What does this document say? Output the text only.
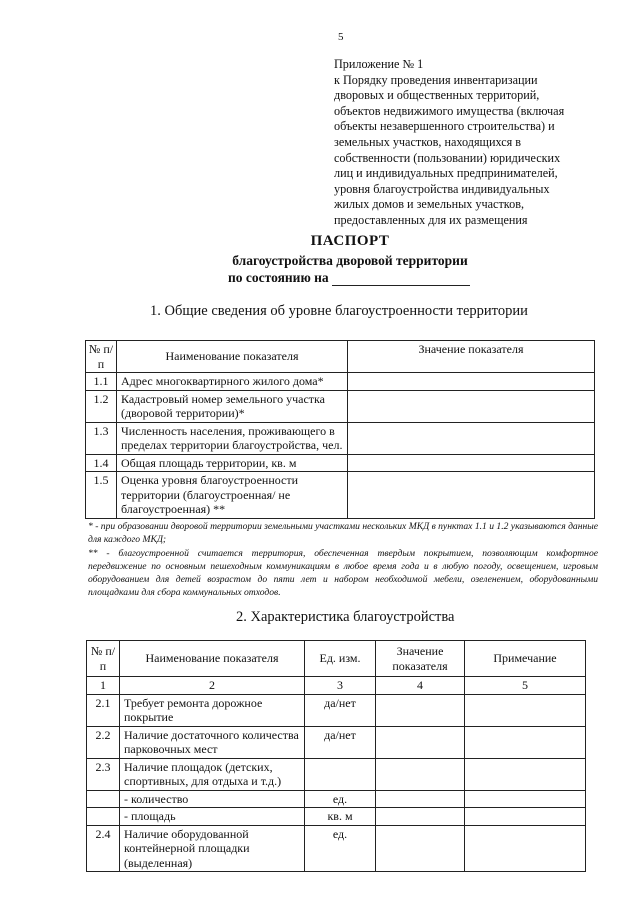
5
Приложение № 1
к Порядку проведения инвентаризации
дворовых и общественных территорий,
объектов недвижимого имущества (включая
объекты незавершенного строительства) и
земельных участков, находящихся в
собственности (пользовании) юридических
лиц и индивидуальных предпринимателей,
уровня благоустройства индивидуальных
жилых домов и земельных участков,
предоставленных для их размещения
ПАСПОРТ
благоустройства дворовой территории
по состоянию на
1. Общие сведения об уровне благоустроенности территории
№ п/п	Наименование показателя	Значение показателя
1.1	Адрес многоквартирного жилого дома*	
1.2	Кадастровый номер земельного участка (дворовой территории)*	
1.3	Численность населения, проживающего в пределах территории благоустройства, чел.	
1.4	Общая площадь территории, кв. м	
1.5	Оценка уровня благоустроенности территории (благоустроенная/ не благоустроенная) **	

* - при образовании дворовой территории земельными участками нескольких МКД в пунктах 1.1 и 1.2 указываются данные для каждого МКД;

** - благоустроенной считается территория, обеспеченная твердым покрытием, позволяющим комфортное передвижение по основным пешеходным коммуникациям в любое время года и в любую погоду, освещением, игровым оборудованием для детей возрастом до пяти лет и набором необходимой мебели, озеленением, оборудованными площадками для сбора коммунальных отходов.

2. Характеристика благоустройства
№ п/п	Наименование показателя	Ед. изм.	Значение показателя	Примечание
1	2	3	4	5
2.1	Требует ремонта дорожное покрытие	да/нет		
2.2	Наличие достаточного количества парковочных мест	да/нет		
2.3	Наличие площадок (детских, спортивных, для отдыха и т.д.)			
	- количество	ед.		
	- площадь	кв. м		
2.4	Наличие оборудованной контейнерной площадки (выделенная)	ед.		
